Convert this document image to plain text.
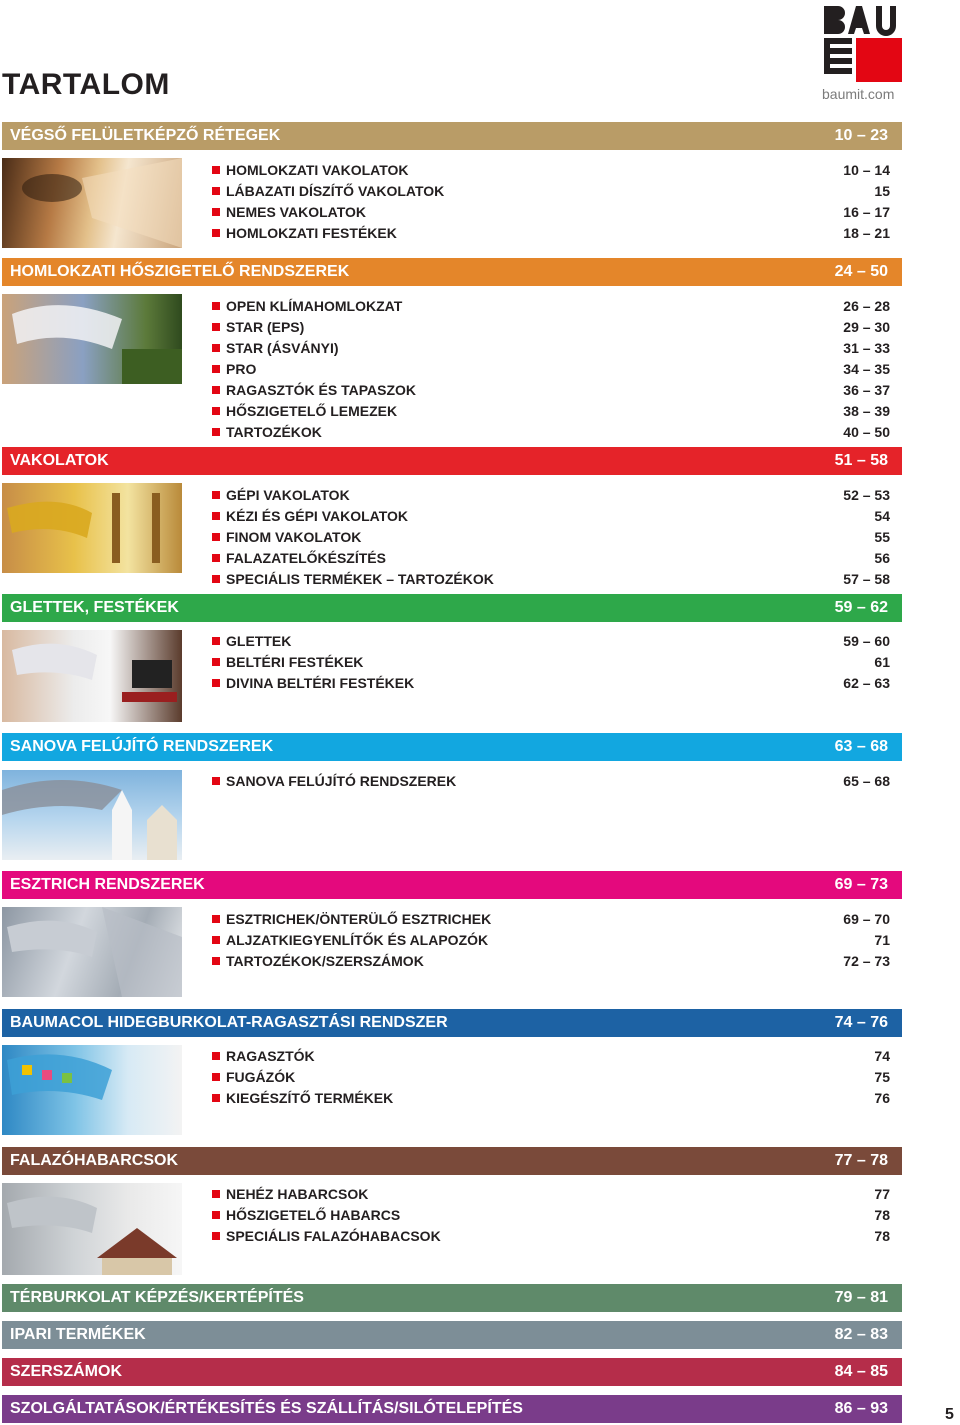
TARTALOM	baumit.com
VÉGSŐ FELÜLETKÉPZŐ RÉTEGEK	10 – 23
HOMLOKZATI HŐSZIGETELŐ RENDSZEREK	24 – 50
VAKOLATOK	51 – 58
GLETTEK, FESTÉKEK	59 – 62
SANOVA FELÚJÍTÓ RENDSZEREK	63 – 68
ESZTRICH RENDSZEREK	69 – 73
BAUMACOL HIDEGBURKOLAT-RAGASZTÁSI RENDSZER	74 – 76
FALAZÓHABARCSOK	77 – 78
TÉRBURKOLAT KÉPZÉS/KERTÉPÍTÉS	79 – 81
IPARI TERMÉKEK	82 – 83
SZERSZÁMOK	84 – 85
SZOLGÁLTATÁSOK/ÉRTÉKESÍTÉS ÉS SZÁLLÍTÁS/SILÓTELEPÍTÉS	86 – 93
HOMLOKZATI VAKOLATOK	10 – 14
LÁBAZATI DÍSZÍTŐ VAKOLATOK	15
NEMES VAKOLATOK	16 – 17
HOMLOKZATI FESTÉKEK	18 – 21
OPEN KLÍMAHOMLOKZAT	26 – 28
STAR (EPS)	29 – 30
STAR (ÁSVÁNYI)	31 – 33
PRO	34 – 35
RAGASZTÓK ÉS TAPASZOK	36 – 37
HŐSZIGETELŐ LEMEZEK	38 – 39
TARTOZÉKOK	40 – 50
GÉPI VAKOLATOK	52 – 53
KÉZI ÉS GÉPI VAKOLATOK	54
FINOM VAKOLATOK	55
FALAZATELŐKÉSZÍTÉS	56
SPECIÁLIS TERMÉKEK – TARTOZÉKOK	57 – 58
GLETTEK	59 – 60
BELTÉRI FESTÉKEK	61
DIVINA BELTÉRI FESTÉKEK	62 – 63
SANOVA FELÚJÍTÓ RENDSZEREK	65 – 68
ESZTRICHEK/ÖNTERÜLŐ ESZTRICHEK	69 – 70
ALJZATKIEGYENLÍTŐK ÉS ALAPOZÓK	71
TARTOZÉKOK/SZERSZÁMOK	72 – 73
RAGASZTÓK	74
FUGÁZÓK	75
KIEGÉSZÍTŐ TERMÉKEK	76
NEHÉZ HABARCSOK	77
HŐSZIGETELŐ HABARCS	78
SPECIÁLIS FALAZÓHABACSOK	78
5
